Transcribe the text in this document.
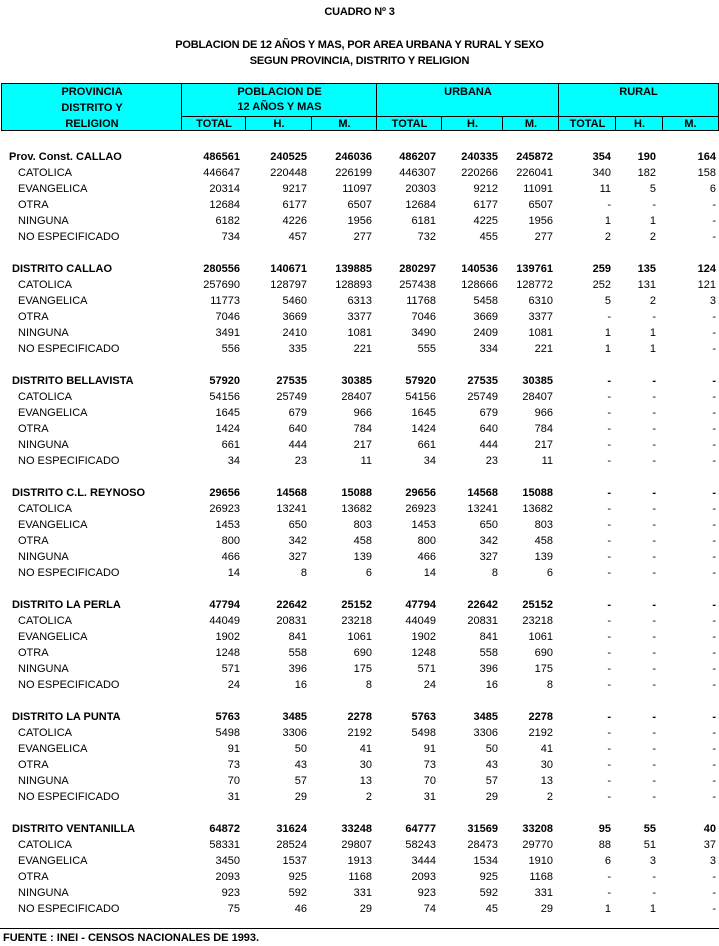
CUADRO Nº 3
POBLACION DE 12 AÑOS Y MAS, POR AREA URBANA Y RURAL Y SEXO
SEGUN PROVINCIA, DISTRITO Y RELIGION
PROVINCIA
DISTRITO Y
RELIGION
POBLACION DE
12 AÑOS Y MAS
URBANA	RURAL
TOTAL	H.	M.	TOTAL	H.	M.	TOTAL	H.	M.
Prov. Const. CALLAO	486561	240525	246036 486207 240335 245872	354 190	164
CATOLICA	446647	220448	226199 446307 220266 226041	340 182	158
EVANGELICA	20314	9217	11097	20303	9212 11091	11	5	6
OTRA	12684	6177	6507	12684	6177	6507	-	-	-
NINGUNA	6182	4226	1956	6181	4225	1956	1	1	-
NO ESPECIFICADO	734	457	277	732	455	277	2	2	-
DISTRITO CALLAO	280556	140671	139885 280297 140536 139761	259 135	124
CATOLICA	257690	128797	128893 257438 128666 128772	252 131	121
EVANGELICA	11773	5460	6313	11768	5458	6310	5	2	3
OTRA	7046	3669	3377	7046	3669	3377	-	-	-
NINGUNA	3491	2410	1081	3490	2409	1081	1	1	-
NO ESPECIFICADO	556	335	221	555	334	221	1	1	-
DISTRITO BELLAVISTA	57920	27535	30385	57920	27535 30385	-	-	-
CATOLICA	54156	25749	28407	54156	25749 28407	-	-	-
EVANGELICA	1645	679	966	1645	679	966	-	-	-
OTRA	1424	640	784	1424	640	784	-	-	-
NINGUNA	661	444	217	661	444	217	-	-	-
NO ESPECIFICADO	34	23	11	34	23	11	-	-	-
DISTRITO C.L. REYNOSO	29656	14568	15088	29656	14568 15088	-	-	-
CATOLICA	26923	13241	13682	26923	13241 13682	-	-	-
EVANGELICA	1453	650	803	1453	650	803	-	-	-
OTRA	800	342	458	800	342	458	-	-	-
NINGUNA	466	327	139	466	327	139	-	-	-
NO ESPECIFICADO	14	8	6	14	8	6	-	-	-
DISTRITO LA PERLA	47794	22642	25152	47794	22642 25152	-	-	-
CATOLICA	44049	20831	23218	44049	20831 23218	-	-	-
EVANGELICA	1902	841	1061	1902	841	1061	-	-	-
OTRA	1248	558	690	1248	558	690	-	-	-
NINGUNA	571	396	175	571	396	175	-	-	-
NO ESPECIFICADO	24	16	8	24	16	8	-	-	-
DISTRITO LA PUNTA	5763	3485	2278	5763	3485	2278	-	-	-
CATOLICA	5498	3306	2192	5498	3306	2192	-	-	-
EVANGELICA	91	50	41	91	50	41	-	-	-
OTRA	73	43	30	73	43	30	-	-	-
NINGUNA	70	57	13	70	57	13	-	-	-
NO ESPECIFICADO	31	29	2	31	29	2	-	-	-
DISTRITO VENTANILLA	64872	31624	33248	64777	31569 33208	95	55	40
CATOLICA	58331	28524	29807	58243	28473 29770	88	51	37
EVANGELICA	3450	1537	1913	3444	1534	1910	6	3	3
OTRA	2093	925	1168	2093	925	1168	-	-	-
NINGUNA	923	592	331	923	592	331	-	-	-
NO ESPECIFICADO	75	46	29	74	45	29	1	1	-
FUENTE : INEI - CENSOS NACIONALES DE 1993.
